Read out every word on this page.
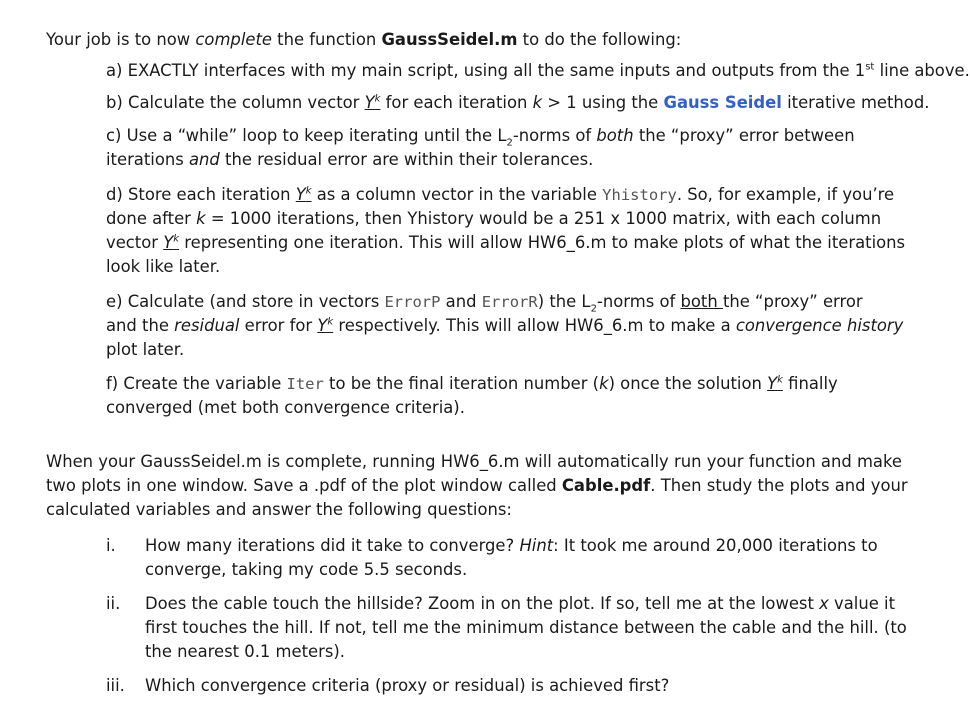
Your job is to now complete the function GaussSeidel.m to do the following:
a) EXACTLY interfaces with my main script, using all the same inputs and outputs from the 1st line above.
b) Calculate the column vector $Y^k$ for each iteration k > 1 using the Gauss Seidel iterative method.
c) Use a “while” loop to keep iterating until the $L_2$-norms of both the “proxy” error between
iterations and the residual error are within their tolerances.
d) Store each iteration $Y^k$ as a column vector in the variable Yhistory. So, for example, if you’re
done after k = 1000 iterations, then Yhistory would be a 251 x 1000 matrix, with each column
vector $Y^k$ representing one iteration. This will allow HW6_6.m to make plots of what the iterations
look like later.
e) Calculate (and store in vectors ErrorP and ErrorR) the $L_2$-norms of both the “proxy” error
and the residual error for $Y^k$ respectively. This will allow HW6_6.m to make a convergence history
plot later.
f) Create the variable Iter to be the final iteration number (k) once the solution $Y^k$ finally
converged (met both convergence criteria).
When your GaussSeidel.m is complete, running HW6_6.m will automatically run your function and make
two plots in one window. Save a .pdf of the plot window called Cable.pdf. Then study the plots and your
calculated variables and answer the following questions:
i. How many iterations did it take to converge? Hint: It took me around 20,000 iterations to
converge, taking my code 5.5 seconds.
ii. Does the cable touch the hillside? Zoom in on the plot. If so, tell me at the lowest x value it
first touches the hill. If not, tell me the minimum distance between the cable and the hill. (to
the nearest 0.1 meters).
iii. Which convergence criteria (proxy or residual) is achieved first?
